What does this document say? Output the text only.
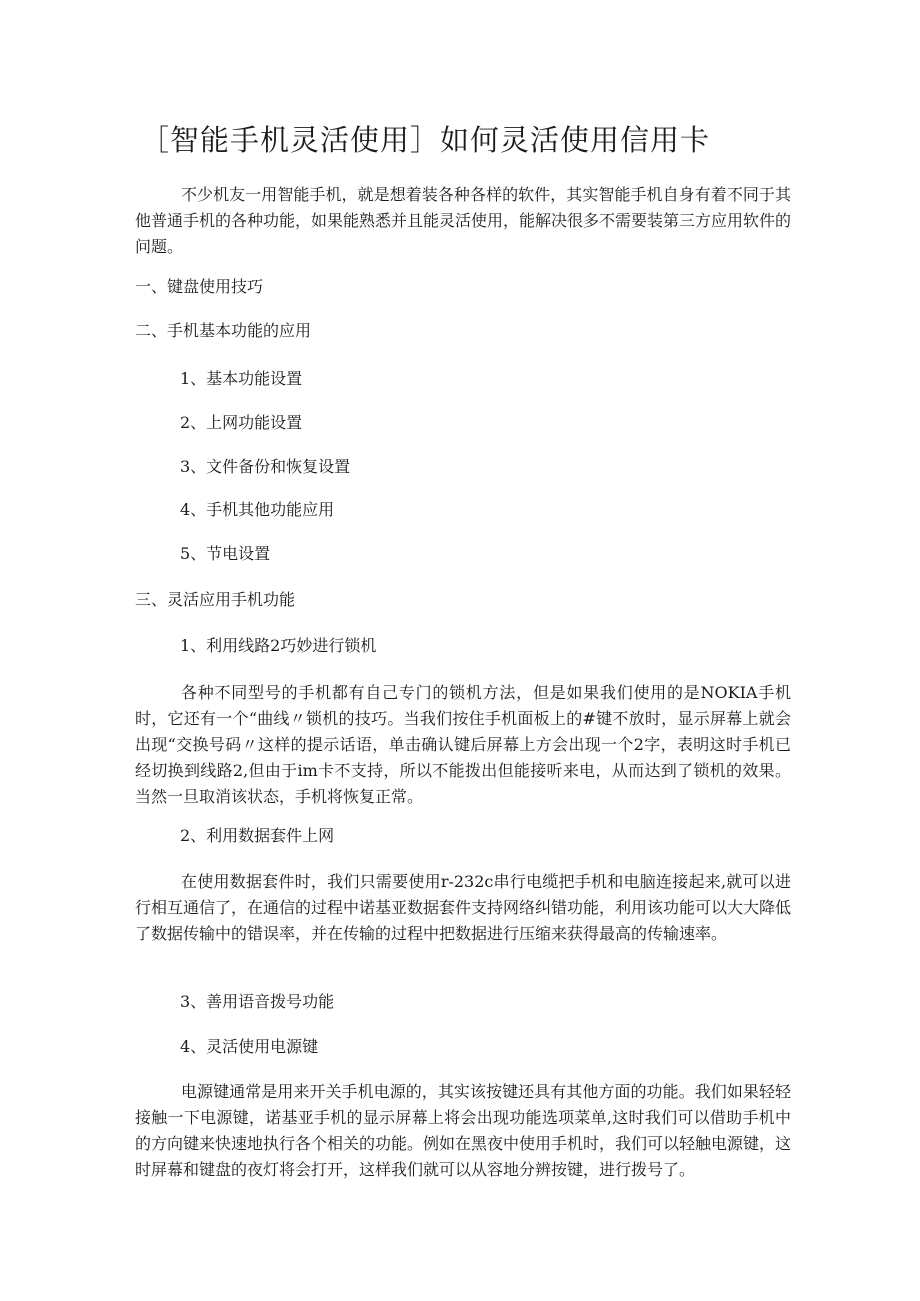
［智能手机灵活使用］如何灵活使用信用卡

不少机友一用智能手机，就是想着装各种各样的软件，其实智能手机自身有着不同于其他普通手机的各种功能，如果能熟悉并且能灵活使用，能解决很多不需要装第三方应用软件的问题。

一、键盘使用技巧

二、手机基本功能的应用

1、基本功能设置

2、上网功能设置

3、文件备份和恢复设置

4、手机其他功能应用

5、节电设置

三、灵活应用手机功能

1、利用线路2巧妙进行锁机

各种不同型号的手机都有自己专门的锁机方法，但是如果我们使用的是NOKIA手机时，它还有一个“曲线〃锁机的技巧。当我们按住手机面板上的#键不放时，显示屏幕上就会出现“交换号码〃这样的提示话语，单击确认键后屏幕上方会出现一个2字，表明这时手机已经切换到线路2,但由于im卡不支持，所以不能拨出但能接听来电，从而达到了锁机的效果。当然一旦取消该状态，手机将恢复正常。

2、利用数据套件上网

在使用数据套件时，我们只需要使用r-232c串行电缆把手机和电脑连接起来,就可以进行相互通信了，在通信的过程中诺基亚数据套件支持网络纠错功能，利用该功能可以大大降低了数据传输中的错误率，并在传输的过程中把数据进行压缩来获得最高的传输速率。

3、善用语音拨号功能

4、灵活使用电源键

电源键通常是用来开关手机电源的，其实该按键还具有其他方面的功能。我们如果轻轻接触一下电源键，诺基亚手机的显示屏幕上将会出现功能选项菜单,这时我们可以借助手机中的方向键来快速地执行各个相关的功能。例如在黑夜中使用手机时，我们可以轻触电源键，这时屏幕和键盘的夜灯将会打开，这样我们就可以从容地分辨按键，进行拨号了。
